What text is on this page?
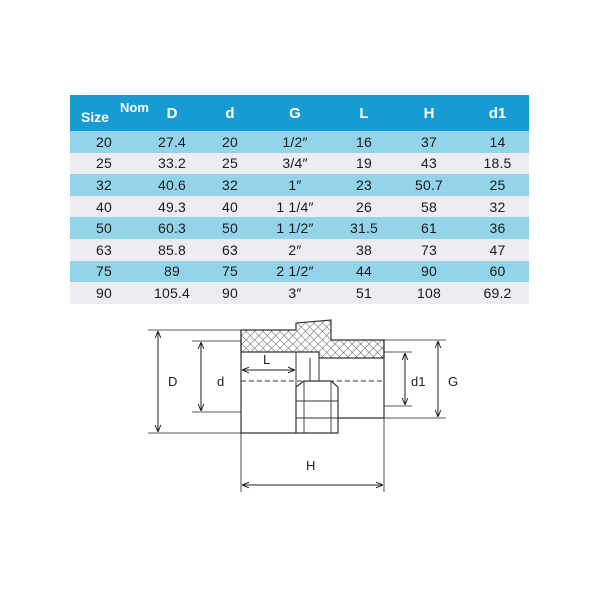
Size
Nom	D	d	G	L	H	d1
20	27.4	20	1/2″	16	37	14
25	33.2	25	3/4″	19	43	18.5
32	40.6	32	1″	23	50.7	25
40	49.3	40	1 1/4″	26	58	32
50	60.3	50	1 1/2″	31.5	61	36
63	85.8	63	2″	38	73	47
75	89	75	2 1/2″	44	90	60
90	105.4	90	3″	51	108	69.2
D	d
L
d1 G
H
